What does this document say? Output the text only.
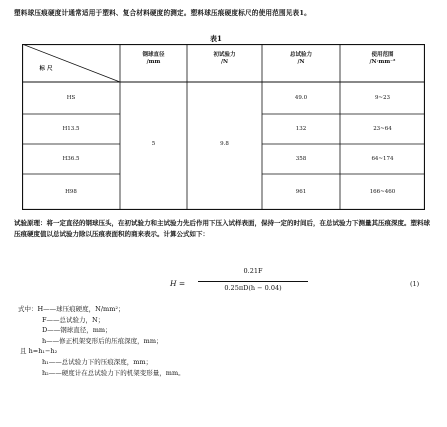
塑料球压痕硬度计通常适用于塑料、复合材料硬度的测定。塑料球压痕硬度标尺的使用范围见表1。
表1
标 尺
钢球直径
/mm
初试验力
/N
总试验力
/N
使用范围
/N·mm⁻²
HS
H13.5
H36.5
H98
5	9.8
49.0
132
358
961
9~23
23~64
64~174
166~460
试验原理：将一定直径的钢球压头，在初试验力和主试验力先后作用下压入试样表面，保持一定的时间后，在总试验力下测量其压痕深度。塑料球压痕硬度值以总试验力除以压痕表面积的商来表示。计算公式如下：
H =
0.21F
0.25πD(h − 0.04)	(1)
式中：H——球压痕硬度，N/mm²；
F——总试验力，N；
D——钢球直径，mm；
h——修正机架变形后的压痕深度，mm；
且 h=h₁−h₂
h₁——总试验力下的压痕深度，mm；
h₂——硬度计在总试验力下的机架变形量，mm。
